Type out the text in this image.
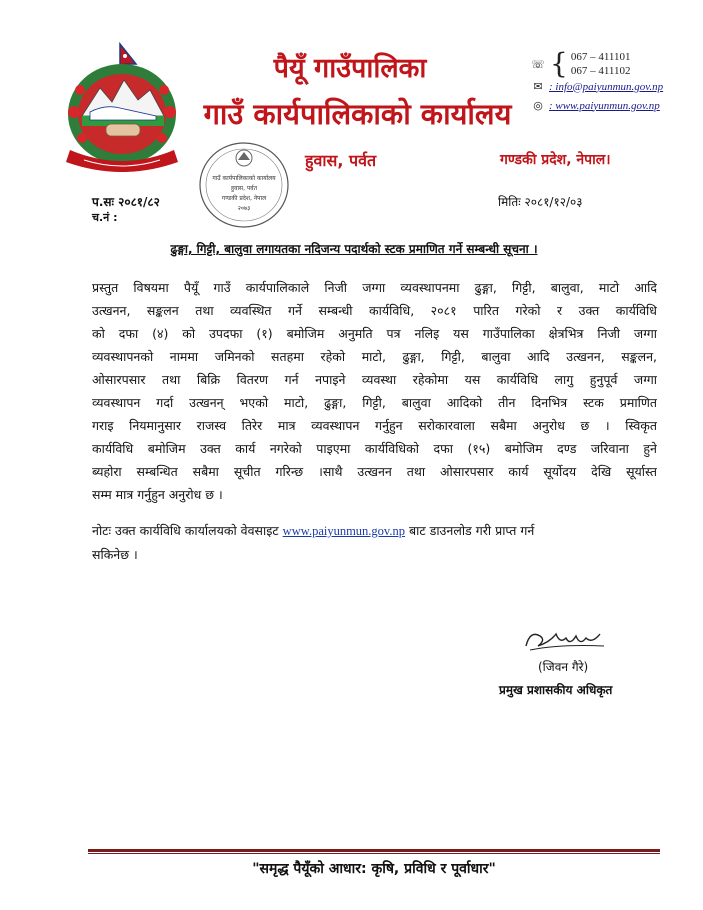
पैयूँ गाउँपालिका
गाउँ कार्यपालिकाको कार्यालय
हुवास, पर्वत	गण्डकी प्रदेश, नेपाल।
गाउँ कार्यपालिकाको कार्यालय
हुवास, पर्वत
गण्डकी प्रदेश, नेपाल
२०७३
☏ { 067 – 411101
067 – 411102
✉ : info@paiyunmun.gov.np
◎ : www.paiyunmun.gov.np
प.सः २०८१/८२
च.नं :
मितिः २०८१/१२/०३
ढुङ्गा, गिट्टी, बालुवा लगायतका नदिजन्य पदार्थको स्टक प्रमाणित गर्ने सम्बन्धी सूचना ।
प्रस्तुत विषयमा पैयूँ गाउँ कार्यपालिकाले निजी जग्गा व्यवस्थापनमा ढुङ्गा, गिट्टी, बालुवा, माटो आदि
उत्खनन, सङ्कलन तथा व्यवस्थित गर्ने सम्बन्धी कार्यविधि, २०८१ पारित गरेको र उक्त कार्यविधि
को दफा (४) को उपदफा (१) बमोजिम अनुमति पत्र नलिइ यस गाउँपालिका क्षेत्रभित्र निजी जग्गा
व्यवस्थापनको नाममा जमिनको सतहमा रहेको माटो, ढुङ्गा, गिट्टी, बालुवा आदि उत्खनन, सङ्कलन,
ओसारपसार तथा बिक्रि वितरण गर्न नपाइने व्यवस्था रहेकोमा यस कार्यविधि लागु हुनुपूर्व जग्गा
व्यवस्थापन गर्दा उत्खनन् भएको माटो, ढुङ्गा, गिट्टी, बालुवा आदिको तीन दिनभित्र स्टक प्रमाणित
गराइ नियमानुसार राजस्व तिरेर मात्र व्यवस्थापन गर्नुहुन सरोकारवाला सबैमा अनुरोध छ । स्विकृत
कार्यविधि बमोजिम उक्त कार्य नगरेको पाइएमा कार्यविधिको दफा (१५) बमोजिम दण्ड जरिवाना हुने
ब्यहोरा सम्बन्धित सबैमा सूचीत गरिन्छ ।साथै उत्खनन तथा ओसारपसार कार्य सूर्योदय देखि सूर्यास्त
सम्म मात्र गर्नुहुन अनुरोध छ ।
नोटः उक्त कार्यविधि कार्यालयको वेवसाइट www.paiyunmun.gov.np बाट डाउनलोड गरी प्राप्त गर्न
सकिनेछ ।
(जिवन गैरे)
प्रमुख प्रशासकीय अधिकृत
"समृद्ध पैयूँको आधार: कृषि, प्रविधि र पूर्वाधार"
